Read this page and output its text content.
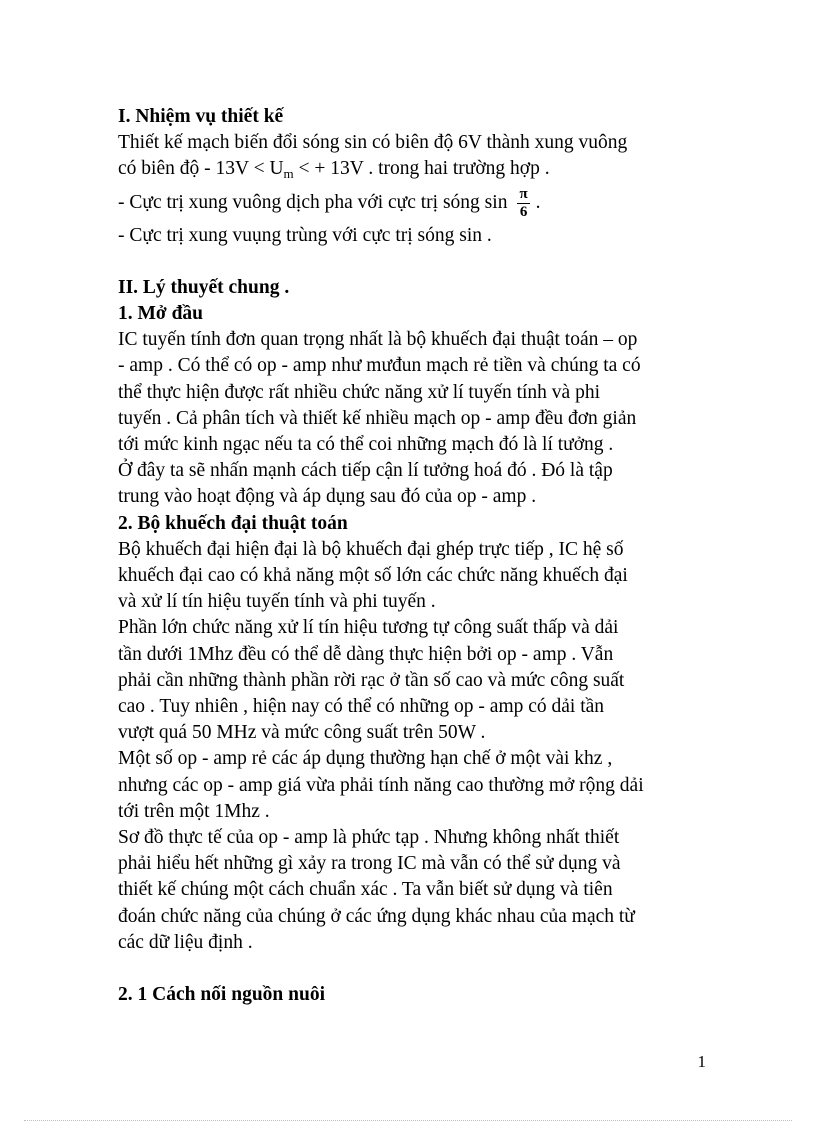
I. Nhiệm vụ thiết kế

Thiết kế mạch biến đổi sóng sin có biên độ 6V thành xung vuông

có biên độ - $13V < U_m$ < + 13V . trong hai trường hợp .

- Cực trị xung vuông dịch pha với cực trị sóng $\sin \frac{\pi}{6}$ .

- Cực trị xung vuụng trùng với cực trị sóng sin .

II. Lý thuyết chung .

1. Mở đầu

IC tuyến tính đơn quan trọng nhất là bộ khuếch đại thuật toán – op

- amp . Có thể có op - amp như mưđun mạch rẻ tiền và chúng ta có

thể thực hiện được rất nhiều chức năng xử lí tuyến tính và phi

tuyến . Cả phân tích và thiết kế nhiều mạch op - amp đều đơn giản

tới mức kinh ngạc nếu ta có thể coi những mạch đó là lí tưởng .

Ở đây ta sẽ nhấn mạnh cách tiếp cận lí tưởng hoá đó . Đó là tập

trung vào hoạt động và áp dụng sau đó của op - amp .

2. Bộ khuếch đại thuật toán

Bộ khuếch đại hiện đại là bộ khuếch đại ghép trực tiếp , IC hệ số

khuếch đại cao có khả năng một số lớn các chức năng khuếch đại

và xử lí tín hiệu tuyến tính và phi tuyến .

Phần lớn chức năng xử lí tín hiệu tương tự công suất thấp và dải

tần dưới 1Mhz đều có thể dễ dàng thực hiện bởi op - amp . Vẫn

phải cần những thành phần rời rạc ở tần số cao và mức công suất

cao . Tuy nhiên , hiện nay có thể có những op - amp có dải tần

vượt quá 50 MHz và mức công suất trên 50W .

Một số op - amp rẻ các áp dụng thường hạn chế ở một vài khz ,

nhưng các op - amp giá vừa phải tính năng cao thường mở rộng dải

tới trên một 1Mhz .

Sơ đồ thực tế của op - amp là phức tạp . Nhưng không nhất thiết

phải hiểu hết những gì xảy ra trong IC mà vẫn có thể sử dụng và

thiết kế chúng một cách chuẩn xác . Ta vẫn biết sử dụng và tiên

đoán chức năng của chúng ở các ứng dụng khác nhau của mạch từ

các dữ liệu định .

2. 1 Cách nối nguồn nuôi

1
